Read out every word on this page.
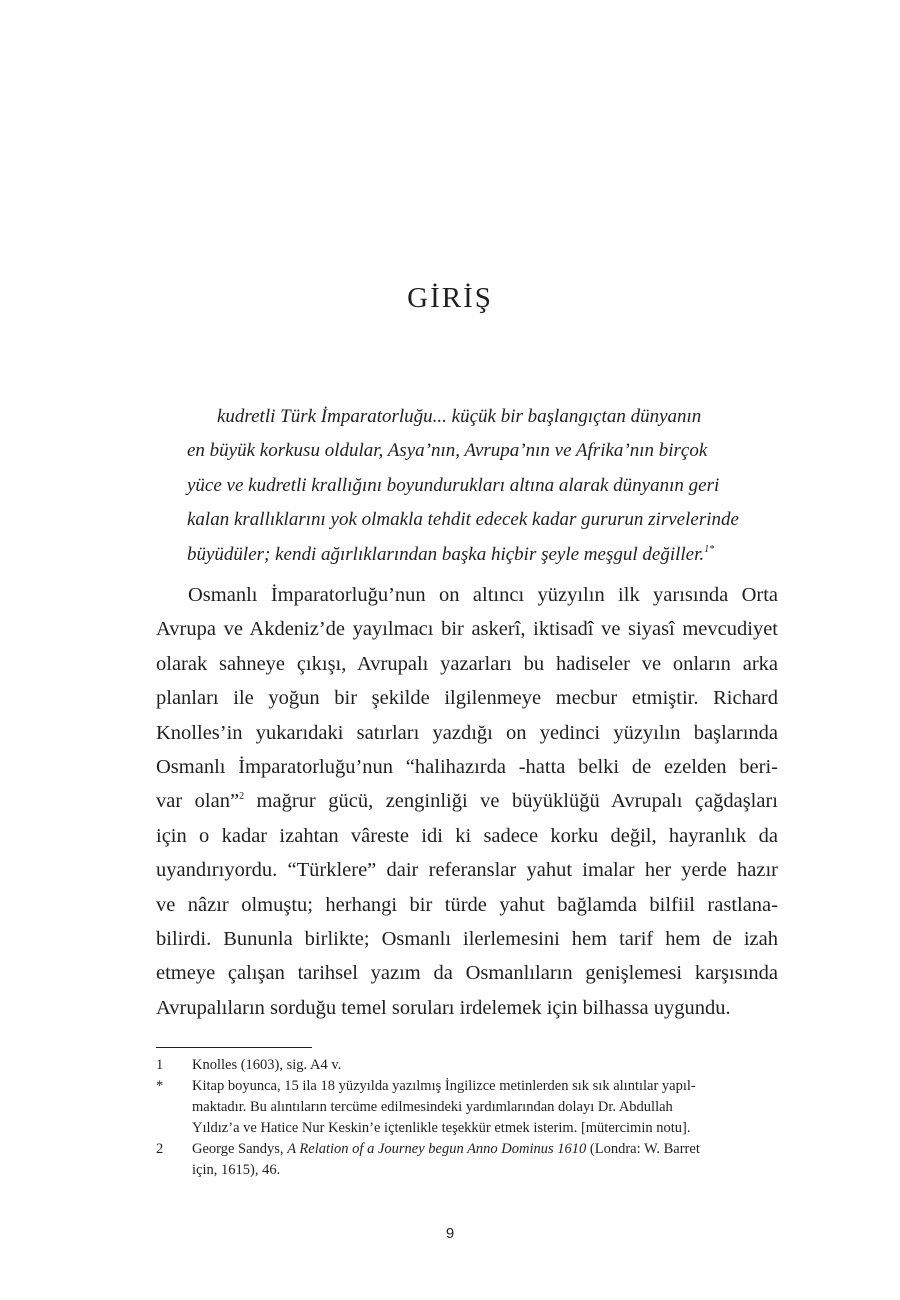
GİRİŞ
kudretli Türk İmparatorluğu... küçük bir başlangıçtan dünyanın
en büyük korkusu oldular, Asya’nın, Avrupa’nın ve Afrika’nın birçok
yüce ve kudretli krallığını boyundurukları altına alarak dünyanın geri
kalan krallıklarını yok olmakla tehdit edecek kadar gururun zirvelerinde
büyüdüler; kendi ağırlıklarından başka hiçbir şeyle meşgul değiller.$^{1*}$
Osmanlı İmparatorluğu’nun on altıncı yüzyılın ilk yarısında Orta
Avrupa ve Akdeniz’de yayılmacı bir askerî, iktisadî ve siyasî mevcudiyet
olarak sahneye çıkışı, Avrupalı yazarları bu hadiseler ve onların arka
planları ile yoğun bir şekilde ilgilenmeye mecbur etmiştir. Richard
Knolles’in yukarıdaki satırları yazdığı on yedinci yüzyılın başlarında
Osmanlı İmparatorluğu’nun “halihazırda -hatta belki de ezelden beri-
var olan”$^2$ mağrur gücü, zenginliği ve büyüklüğü Avrupalı çağdaşları
için o kadar izahtan vâreste idi ki sadece korku değil, hayranlık da
uyandırıyordu. “Türklere” dair referanslar yahut imalar her yerde hazır
ve nâzır olmuştu; herhangi bir türde yahut bağlamda bilfiil rastlana-
bilirdi. Bununla birlikte; Osmanlı ilerlemesini hem tarif hem de izah
etmeye çalışan tarihsel yazım da Osmanlıların genişlemesi karşısında
Avrupalıların sorduğu temel soruları irdelemek için bilhassa uygundu.
1	Knolles (1603), sig. A4 v.
*	Kitap boyunca, 15 ila 18 yüzyılda yazılmış İngilizce metinlerden sık sık alıntılar yapıl-
maktadır. Bu alıntıların tercüme edilmesindeki yardımlarından dolayı Dr. Abdullah
Yıldız’a ve Hatice Nur Keskin’e içtenlikle teşekkür etmek isterim. [mütercimin notu].
2	George Sandys, A Relation of a Journey begun Anno Dominus 1610 (Londra: W. Barret
için, 1615), 46.
9
